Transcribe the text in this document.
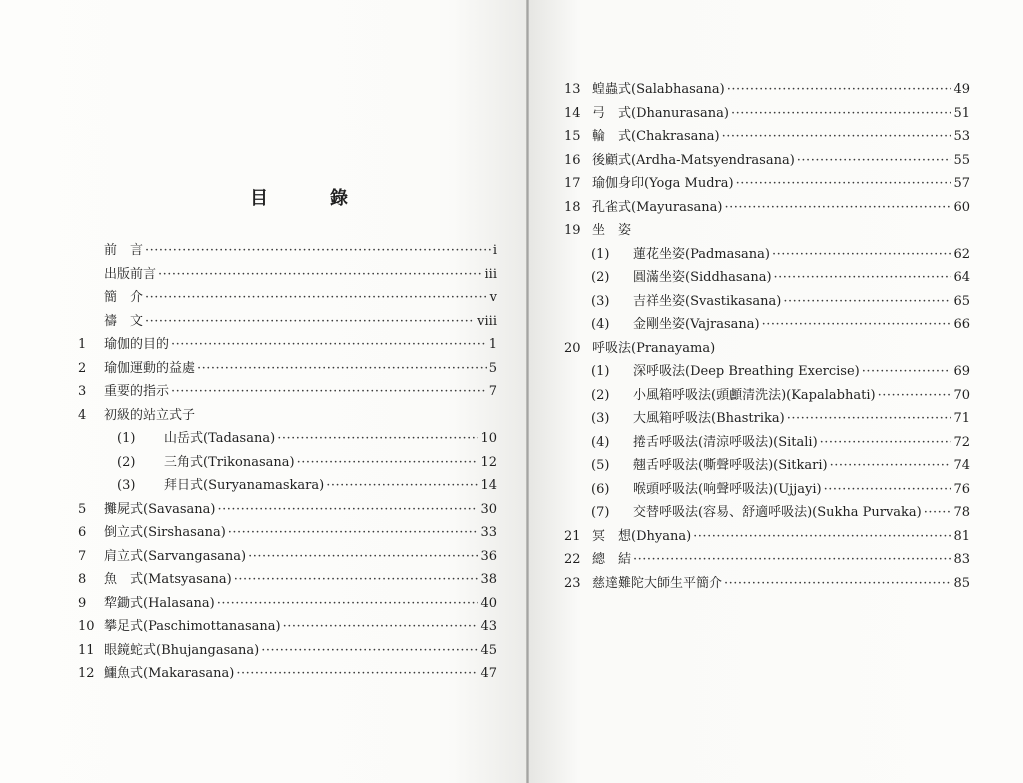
目　錄
前　言 ·····	i
出版前言 ·····	iii
簡　介 ·····	v
禱　文 ·····	viii
1 瑜伽的目的 ·····	1
2 瑜伽運動的益處 ·····	5
3 重要的指示 ·····	7
4 初級的站立式子
(1) 山岳式(Tadasana) ·····	10
(2) 三角式(Trikonasana) ·····	12
(3) 拜日式(Suryanamaskara) ·····	14
5 攤屍式(Savasana) ·····	30
6 倒立式(Sirshasana) ·····	33
7 肩立式(Sarvangasana) ·····	36
8 魚　式(Matsyasana) ·····	38
9 犂鋤式(Halasana) ·····	40
10 攀足式(Paschimottanasana) ·····	43
11 眼鏡蛇式(Bhujangasana) ·····	45
12 鱷魚式(Makarasana) ·····	47
13 蝗蟲式(Salabhasana) ·····	49
14 弓　式(Dhanurasana) ·····	51
15 輪　式(Chakrasana) ·····	53
16 後顧式(Ardha-Matsyendrasana) ·····	55
17 瑜伽身印(Yoga Mudra) ·····	57
18 孔雀式(Mayurasana) ·····	60
19 坐　姿
(1) 蓮花坐姿(Padmasana) ·····	62
(2) 圓滿坐姿(Siddhasana) ·····	64
(3) 吉祥坐姿(Svastikasana) ·····	65
(4) 金剛坐姿(Vajrasana) ·····	66
20 呼吸法(Pranayama)
(1) 深呼吸法(Deep Breathing Exercise) ·····	69
(2) 小風箱呼吸法(頭顱清洗法)(Kapalabhati) ·····	70
(3) 大風箱呼吸法(Bhastrika) ·····	71
(4) 捲舌呼吸法(清涼呼吸法)(Sitali) ·····	72
(5) 翹舌呼吸法(嘶聲呼吸法)(Sitkari) ·····	74
(6) 喉頭呼吸法(响聲呼吸法)(Ujjayi) ·····	76
(7) 交替呼吸法(容易、舒適呼吸法)(Sukha Purvaka) ····· 78
21 冥　想(Dhyana) ·····	81
22 總　結 ·····	83
23 慈達難陀大師生平簡介 ·····	85
